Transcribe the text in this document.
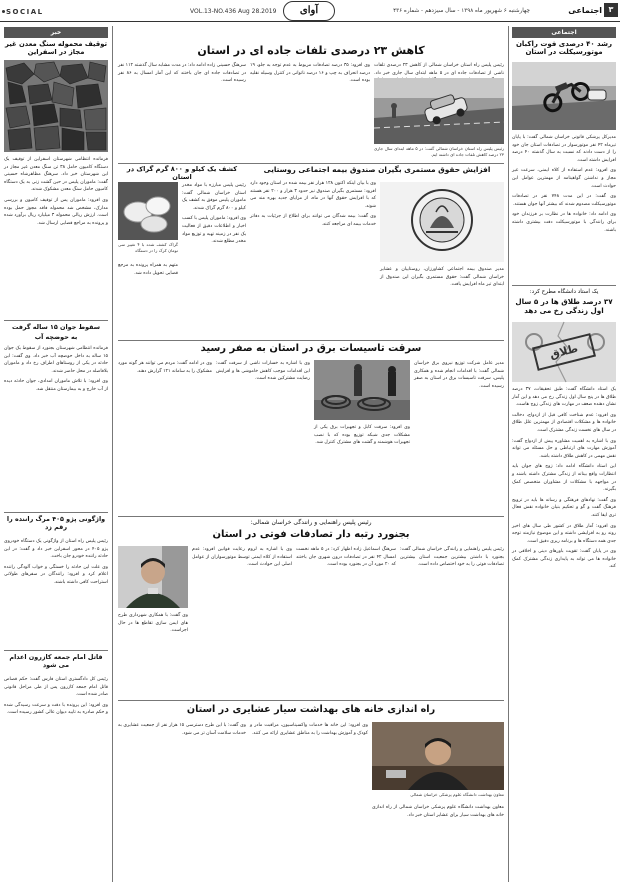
SOCIAL	VOL.13-NO.436 Aug 28.2019	آوای	چهارشنبه ۶ شهریور ماه ۱۳۹۸ - سال سیزدهم - شماره ۴۳۶	اجتماعی ۳
خبر
توقیف محموله سنگ معدن غیر مجاز در اسفراین

فرمانده انتظامی شهرستان اسفراین از توقیف یک دستگاه کامیون حامل ۳۸ تن سنگ معدن غیر مجاز در این شهرستان خبر داد. سرهنگ مظاهرشاه حسینی گفت: ماموران پلیس در حین گشت زنی به یک دستگاه کامیون حامل سنگ معدن مشکوک شدند.

وی افزود: ماموران پس از توقیف کامیون و بررسی مدارک، مشخص شد محموله فاقد مجوز حمل بوده است. ارزش ریالی محموله ۳ میلیارد ریال برآورد شده و پرونده به مراجع قضایی ارسال شد.

سقوط جوان ۱۵ ساله گرفت
به حوضچه آب

فرمانده انتظامی شهرستان بجنورد از سقوط یک جوان ۱۵ ساله به داخل حوضچه آب خبر داد. وی گفت: این حادثه در یکی از روستاهای اطراف رخ داد و ماموران بلافاصله در محل حاضر شدند.

وی افزود: با تلاش ماموران امدادی، جوان حادثه دیده از آب خارج و به بیمارستان منتقل شد.

واژگونی پژو ۴۰۵ مرگ راننده را رقم زد

رئیس پلیس راه استان از واژگونی یک دستگاه خودروی پژو ۴۰۵ در محور اسفراین خبر داد و گفت: در این حادثه راننده خودرو جان باخت.

وی علت این حادثه را خستگی و خواب آلودگی راننده اعلام کرد و افزود: رانندگان در سفرهای طولانی استراحت کافی داشته باشند.

قاتل امام جمعه کازرون اعدام می شود

رئیس کل دادگستری استان فارس گفت: حکم قصاص قاتل امام جمعه کازرون پس از طی مراحل قانونی صادر شده است.

وی افزود: این پرونده با دقت و سرعت رسیدگی شده و حکم صادره به تایید دیوان عالی کشور رسیده است.

کاهش ۲۳ درصدی تلفات جاده ای در استان

سرهنگ حسینی زاده ادامه داد: در مدت مشابه سال گذشته ۱۱۲ نفر در تصادفات جاده ای جان باختند که این آمار امسال به ۸۶ نفر رسیده است.

وی افزود: ۳۵ درصد تصادفات مربوط به عدم توجه به جلو، ۱۹ درصد انحراف به چپ و ۱۶ درصد ناتوانی در کنترل وسیله نقلیه بوده است.

رئیس پلیس راه استان خراسان شمالی از کاهش ۲۳ درصدی تلفات ناشی از تصادفات جاده ای در ۵ ماهه ابتدای سال جاری خبر داد.

رئیس پلیس راه استان خراسان شمالی گفت: در ۵ ماهه ابتدای سال جاری ۲۳ درصد کاهش تلفات جاده ای داشته ایم.
افزایش حقوق مستمری بگیران صندوق بیمه اجتماعی روستایی

وی با بیان اینکه اکنون ۱۲۸ هزار نفر بیمه شده در استان وجود دارد افزود: مستمری بگیران صندوق نیز حدود ۳ هزار و ۲۰۰ نفر هستند که با افزایش حقوق آنها در ماه، از مزایای جدید بهره مند می شوند.

وی گفت: بیمه شدگان می توانند برای اطلاع از جزئیات به دفاتر خدمات بیمه ای مراجعه کنند.

مدیر صندوق بیمه اجتماعی کشاورزان، روستاییان و عشایر خراسان شمالی گفت: حقوق مستمری بگیران این صندوق از ابتدای تیر ماه افزایش یافت.

کشف یک کیلو و ۸۰۰ گرم گراک در استان

رئیس پلیس مبارزه با مواد مخدر استان خراسان شمالی گفت: ماموران پلیس موفق به کشف یک کیلو و ۸۰۰ گرم گراک شدند.

وی افزود: ماموران پلیس با کسب اخبار و اطلاعات دقیق از فعالیت یک نفر در زمینه تهیه و توزیع مواد مخدر مطلع شدند.

گراک کشف شده با ۴ تغییر سی تومان کرک را در دستگاه

متهم به همراه پرونده به مرجع قضایی تحویل داده شد.

سرقت تاسیسات برق در استان به صفر رسید

وی در ادامه گفت: مردم می توانند هر گونه مورد مشکوک را به سامانه ۱۲۱ گزارش دهند.

وی با اشاره به خسارات ناشی از سرقت گفت: این اقدامات موجب کاهش خاموشی ها و افزایش رضایت مشترکین شده است.

وی افزود: سرقت کابل و تجهیزات برق یکی از مشکلات جدی شبکه توزیع بوده که با نصب تجهیزات هوشمند و گشت های مشترک کنترل شد.

مدیر عامل شرکت توزیع نیروی برق خراسان شمالی گفت: با اقدامات انجام شده و همکاری پلیس، سرقت تاسیسات برق در استان به صفر رسیده است.

رئیس پلیس راهنمایی و رانندگی خراسان شمالی:
بجنورد رتبه دار تصادفات فوتی در استان

وی گفت: با همکاری شهرداری طرح های ایمن سازی تقاطع ها در حال اجراست.

وی با اشاره به لزوم رعایت قوانین افزود: عدم استفاده از کلاه ایمنی توسط موتورسواران از عوامل اصلی این حوادث است.

سرهنگ اسماعیل زاده اظهار کرد: در ۵ ماهه نخست امسال ۴۲ نفر در تصادفات درون شهری جان باختند که ۲۰ مورد آن در بجنورد بوده است.

رئیس پلیس راهنمایی و رانندگی خراسان شمالی گفت: بجنورد با داشتن بیشترین جمعیت استان بیشترین تصادفات فوتی را به خود اختصاص داده است.

راه اندازی خانه های بهداشت سیار عشایری در استان

وی گفت: با این طرح دسترسی ۱۵ هزار نفر از جمعیت عشایری به خدمات سلامت آسان تر می شود.

وی افزود: این خانه ها خدمات واکسیناسیون، مراقبت مادر و کودک و آموزش بهداشت را به مناطق عشایری ارائه می کنند.

معاون بهداشت دانشگاه علوم پزشکی خراسان شمالی

معاون بهداشت دانشگاه علوم پزشکی خراسان شمالی از راه اندازی خانه های بهداشت سیار برای عشایر استان خبر داد.

اجتماعی
رشد ۴۰ درصدی فوت راکبان موتورسیکلت در استان

مدیرکل پزشکی قانونی خراسان شمالی گفت: با پایان تیرماه ۴۲ نفر موتورسوار در تصادفات استان جان خود را از دست دادند که نسبت به سال گذشته ۴۰ درصد افزایش داشته است.

وی افزود: عدم استفاده از کلاه ایمنی، سرعت غیر مجاز و نداشتن گواهینامه از مهمترین عوامل این حوادث است.

وی گفت: در این مدت ۷۴۸ نفر در تصادفات موتورسیکلت مصدوم شدند که بیشتر آنها جوان هستند.

وی ادامه داد: خانواده ها در نظارت بر فرزندان خود برای رانندگی با موتورسیکلت دقت بیشتری داشته باشند.

یک استاد دانشگاه مطرح کرد:
۳۷ درصد طلاق ها در ۵ سال اول زندگی رخ می دهد
طلاق

یک استاد دانشگاه گفت: طبق تحقیقات، ۳۷ درصد طلاق ها در پنج سال اول زندگی رخ می دهد و این آمار نشان دهنده ضعف در مهارت های زندگی زوج هاست.

وی افزود: عدم شناخت کافی قبل از ازدواج، دخالت خانواده ها و مشکلات اقتصادی از مهمترین علل طلاق در سال های نخست زندگی مشترک است.

وی با اشاره به اهمیت مشاوره پیش از ازدواج گفت: آموزش مهارت های ارتباطی و حل مسئله می تواند نقش مهمی در کاهش طلاق داشته باشد.

این استاد دانشگاه ادامه داد: زوج های جوان باید انتظارات واقع بینانه از زندگی مشترک داشته باشند و در مواجهه با مشکلات از مشاوران متخصص کمک بگیرند.

وی گفت: نهادهای فرهنگی و رسانه ها باید در ترویج فرهنگ گفت و گو و تحکیم بنیان خانواده نقش فعال تری ایفا کنند.

وی افزود: آمار طلاق در کشور طی سال های اخیر روند رو به افزایشی داشته و این موضوع نیازمند توجه جدی همه دستگاه ها و برنامه ریزی دقیق است.

وی در پایان گفت: تقویت باورهای دینی و اخلاقی در خانواده ها می تواند به پایداری زندگی مشترک کمک کند.
